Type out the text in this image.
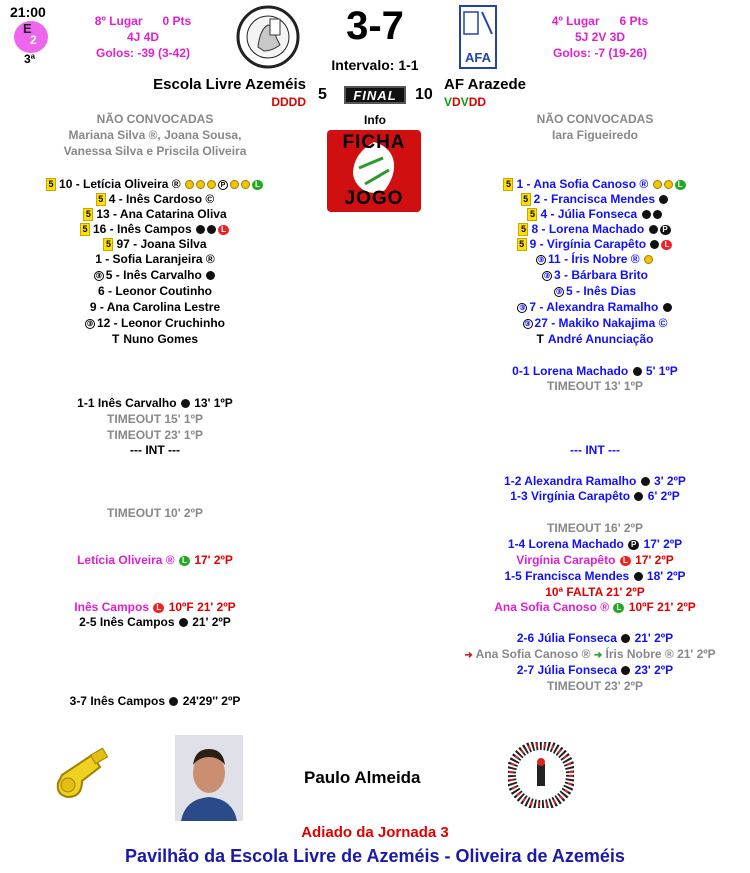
21:00
E
2
3ª
8º Lugar      0 Pts
4J 4D
Golos: -39 (3-42)
3-7
Intervalo: 1-1	AFA
4º Lugar      6 Pts
5J 2V 3D
Golos: -7 (19-26)
Escola Livre Azeméis
DDDD 5	FINAL	10
AF Arazede
VDVDD
Info
FICHA
JOGO
NÃO CONVOCADAS
Mariana Silva ®, Joana Sousa,
Vanessa Silva e Priscila Oliveira
NÃO CONVOCADAS
Iara Figueiredo
5 10 - Letícia Oliveira ®	P	L
5 4 - Inês Cardoso ©
5 13 - Ana Catarina Oliva
5 16 - Inês Campos	L
5 97 - Joana Silva
1 - Sofia Laranjeira ®
③ 5 - Inês Carvalho
6 - Leonor Coutinho
9 - Ana Carolina Lestre
③ 12 - Leonor Cruchinho
T Nuno Gomes
5 1 - Ana Sofia Canoso ®	L
5 2 - Francisca Mendes
5 4 - Júlia Fonseca
5 8 - Lorena Machado P
5 9 - Virgínia Carapêto L
③ 11 - Íris Nobre ®
③ 3 - Bárbara Brito
③ 5 - Inês Dias
③ 7 - Alexandra Ramalho
③ 27 - Makiko Nakajima ©
T André Anunciação
1-1 Inês Carvalho 13' 1ºP
TIMEOUT 15' 1ºP
TIMEOUT 23' 1ºP
--- INT ---
TIMEOUT 10' 2ºP
Letícia Oliveira ® L 17' 2ºP
Inês Campos L 10ºF 21' 2ºP
2-5 Inês Campos 21' 2ºP
3-7 Inês Campos 24'29'' 2ºP
0-1 Lorena Machado 5' 1ºP
TIMEOUT 13' 1ºP
--- INT ---
1-2 Alexandra Ramalho 3' 2ºP
1-3 Virgínia Carapêto 6' 2ºP
TIMEOUT 16' 2ºP
1-4 Lorena Machado P 17' 2ºP
Virgínia Carapêto L 17' 2ºP
1-5 Francisca Mendes 18' 2ºP
10ª FALTA 21' 2ºP
Ana Sofia Canoso ® L 10ºF 21' 2ºP
2-6 Júlia Fonseca 21' 2ºP
➜ Ana Sofia Canoso ® ➜ Íris Nobre ® 21' 2ºP
2-7 Júlia Fonseca 23' 2ºP
TIMEOUT 23' 2ºP
Paulo Almeida
Adiado da Jornada 3
Pavilhão da Escola Livre de Azeméis - Oliveira de Azeméis
